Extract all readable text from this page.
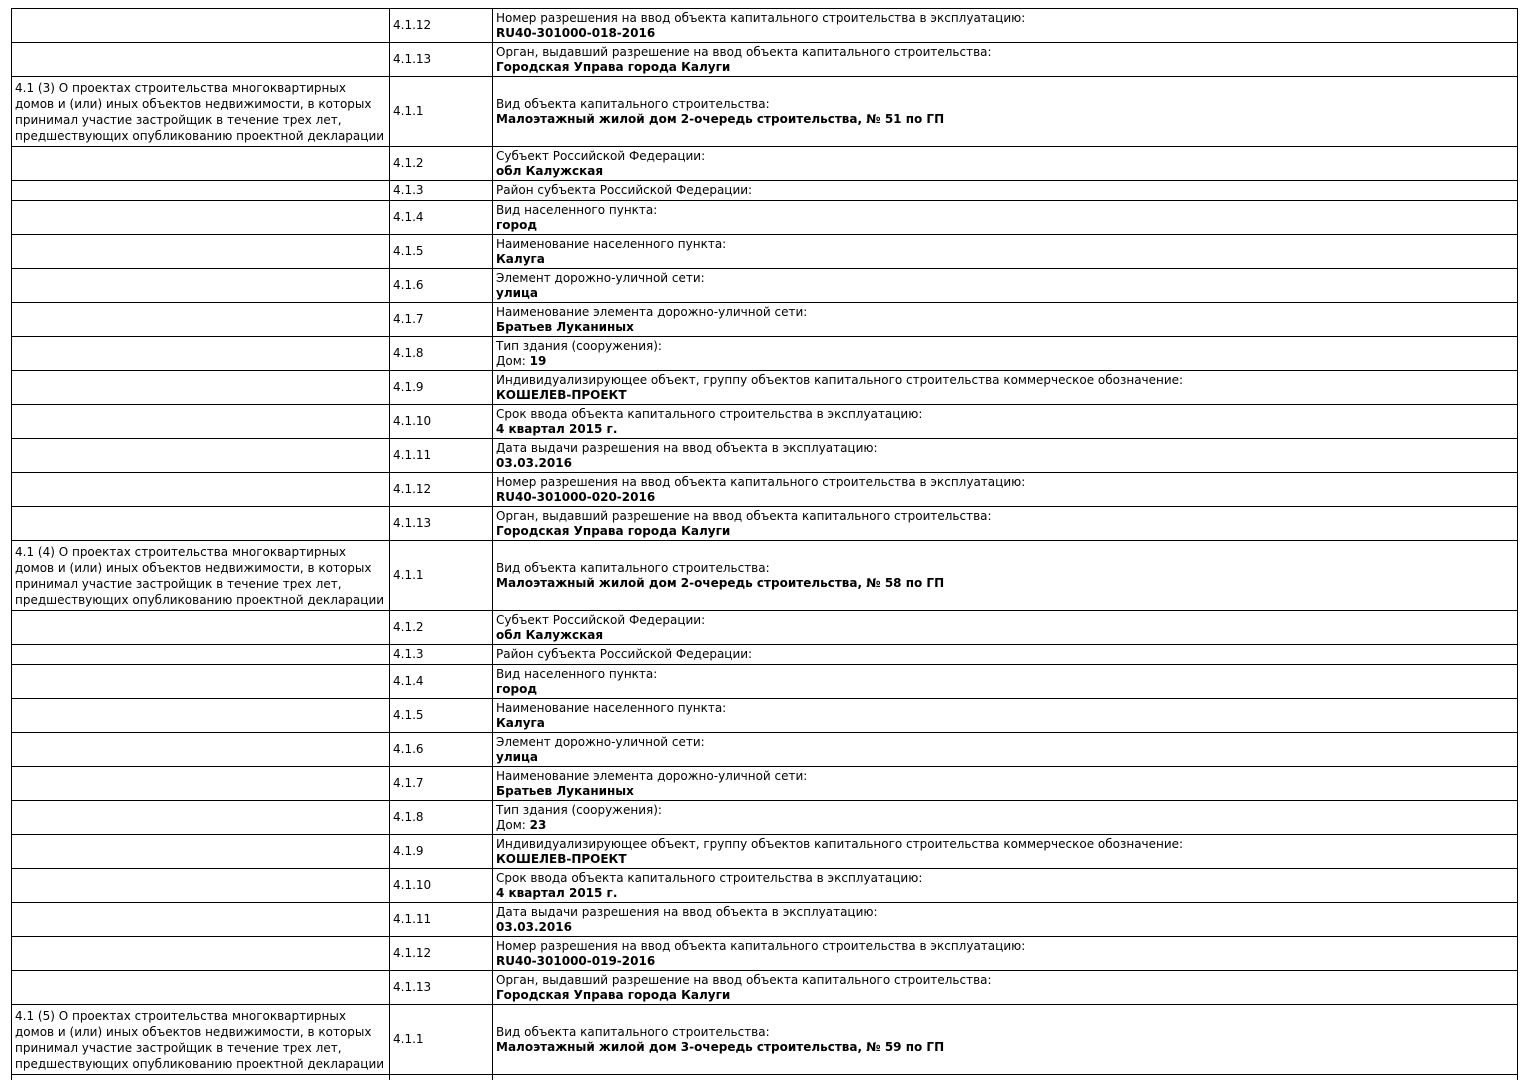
	4.1.12	Номер разрешения на ввод объекта капитального строительства в эксплуатацию:
RU40-301000-018-2016

	4.1.13	Орган, выдавший разрешение на ввод объекта капитального строительства:
Городская Управа города Калуги

4.1 (3) О проектах строительства многоквартирных домов и (или) иных объектов недвижимости, в которых принимал участие застройщик в течение трех лет, предшествующих опубликованию проектной декларации	4.1.1	Вид объекта капитального строительства:
Малоэтажный жилой дом 2-очередь строительства, № 51 по ГП

	4.1.2	Субъект Российской Федерации:
обл Калужская

	4.1.3	Район субъекта Российской Федерации:

	4.1.4	Вид населенного пункта:
город

	4.1.5	Наименование населенного пункта:
Калуга

	4.1.6	Элемент дорожно-уличной сети:
улица

	4.1.7	Наименование элемента дорожно-уличной сети:
Братьев Луканиных

	4.1.8	Тип здания (сооружения):
Дом: 19

	4.1.9	Индивидуализирующее объект, группу объектов капитального строительства коммерческое обозначение:
КОШЕЛЕВ-ПРОЕКТ

	4.1.10	Срок ввода объекта капитального строительства в эксплуатацию:
4 квартал 2015 г.

	4.1.11	Дата выдачи разрешения на ввод объекта в эксплуатацию:
03.03.2016

	4.1.12	Номер разрешения на ввод объекта капитального строительства в эксплуатацию:
RU40-301000-020-2016

	4.1.13	Орган, выдавший разрешение на ввод объекта капитального строительства:
Городская Управа города Калуги

4.1 (4) О проектах строительства многоквартирных домов и (или) иных объектов недвижимости, в которых принимал участие застройщик в течение трех лет, предшествующих опубликованию проектной декларации	4.1.1	Вид объекта капитального строительства:
Малоэтажный жилой дом 2-очередь строительства, № 58 по ГП

	4.1.2	Субъект Российской Федерации:
обл Калужская

	4.1.3	Район субъекта Российской Федерации:

	4.1.4	Вид населенного пункта:
город

	4.1.5	Наименование населенного пункта:
Калуга

	4.1.6	Элемент дорожно-уличной сети:
улица

	4.1.7	Наименование элемента дорожно-уличной сети:
Братьев Луканиных

	4.1.8	Тип здания (сооружения):
Дом: 23

	4.1.9	Индивидуализирующее объект, группу объектов капитального строительства коммерческое обозначение:
КОШЕЛЕВ-ПРОЕКТ

	4.1.10	Срок ввода объекта капитального строительства в эксплуатацию:
4 квартал 2015 г.

	4.1.11	Дата выдачи разрешения на ввод объекта в эксплуатацию:
03.03.2016

	4.1.12	Номер разрешения на ввод объекта капитального строительства в эксплуатацию:
RU40-301000-019-2016

	4.1.13	Орган, выдавший разрешение на ввод объекта капитального строительства:
Городская Управа города Калуги

4.1 (5) О проектах строительства многоквартирных домов и (или) иных объектов недвижимости, в которых принимал участие застройщик в течение трех лет, предшествующих опубликованию проектной декларации	4.1.1	Вид объекта капитального строительства:
Малоэтажный жилой дом 3-очередь строительства, № 59 по ГП
